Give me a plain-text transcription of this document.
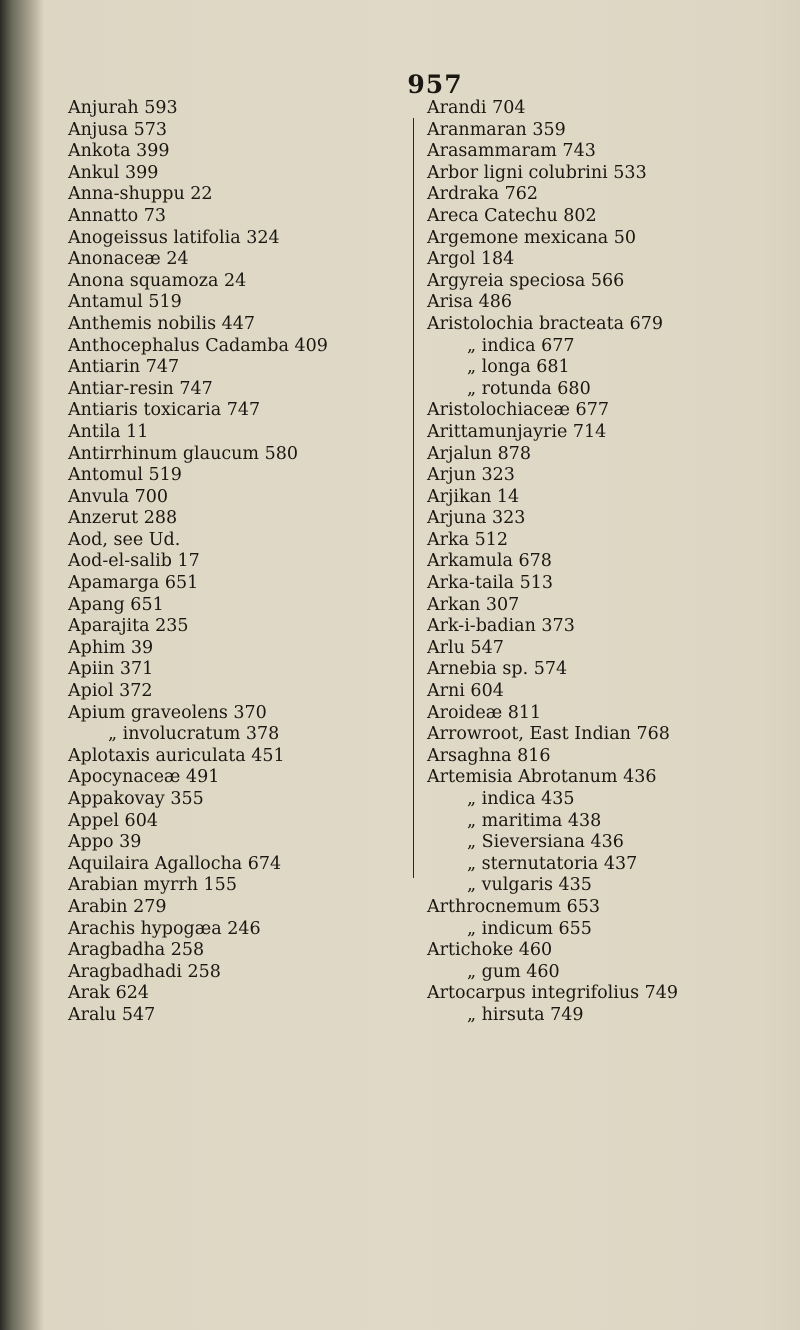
957
Anjurah 593
Anjusa 573
Ankota 399
Ankul 399
Anna-shuppu 22
Annatto 73
Anogeissus latifolia 324
Anonaceæ 24
Anona squamoza 24
Antamul 519
Anthemis nobilis 447
Anthocephalus Cadamba 409
Antiarin 747
Antiar-resin 747
Antiaris toxicaria 747
Antila 11
Antirrhinum glaucum 580
Antomul 519
Anvula 700
Anzerut 288
Aod, see Ud.
Aod-el-salib 17
Apamarga 651
Apang 651
Aparajita 235
Aphim 39
Apiin 371
Apiol 372
Apium graveolens 370
„ involucratum 378
Aplotaxis auriculata 451
Apocynaceæ 491
Appakovay 355
Appel 604
Appo 39
Aquilaira Agallocha 674
Arabian myrrh 155
Arabin 279
Arachis hypogæa 246
Aragbadha 258
Aragbadhadi 258
Arak 624
Aralu 547
Arandi 704
Aranmaran 359
Arasammaram 743
Arbor ligni colubrini 533
Ardraka 762
Areca Catechu 802
Argemone mexicana 50
Argol 184
Argyreia speciosa 566
Arisa 486
Aristolochia bracteata 679
„ indica 677
„ longa 681
„ rotunda 680
Aristolochiaceæ 677
Arittamunjayrie 714
Arjalun 878
Arjun 323
Arjikan 14
Arjuna 323
Arka 512
Arkamula 678
Arka-taila 513
Arkan 307
Ark-i-badian 373
Arlu 547
Arnebia sp. 574
Arni 604
Aroideæ 811
Arrowroot, East Indian 768
Arsaghna 816
Artemisia Abrotanum 436
„ indica 435
„ maritima 438
„ Sieversiana 436
„ sternutatoria 437
„ vulgaris 435
Arthrocnemum 653
„ indicum 655
Artichoke 460
„ gum 460
Artocarpus integrifolius 749
„ hirsuta 749
